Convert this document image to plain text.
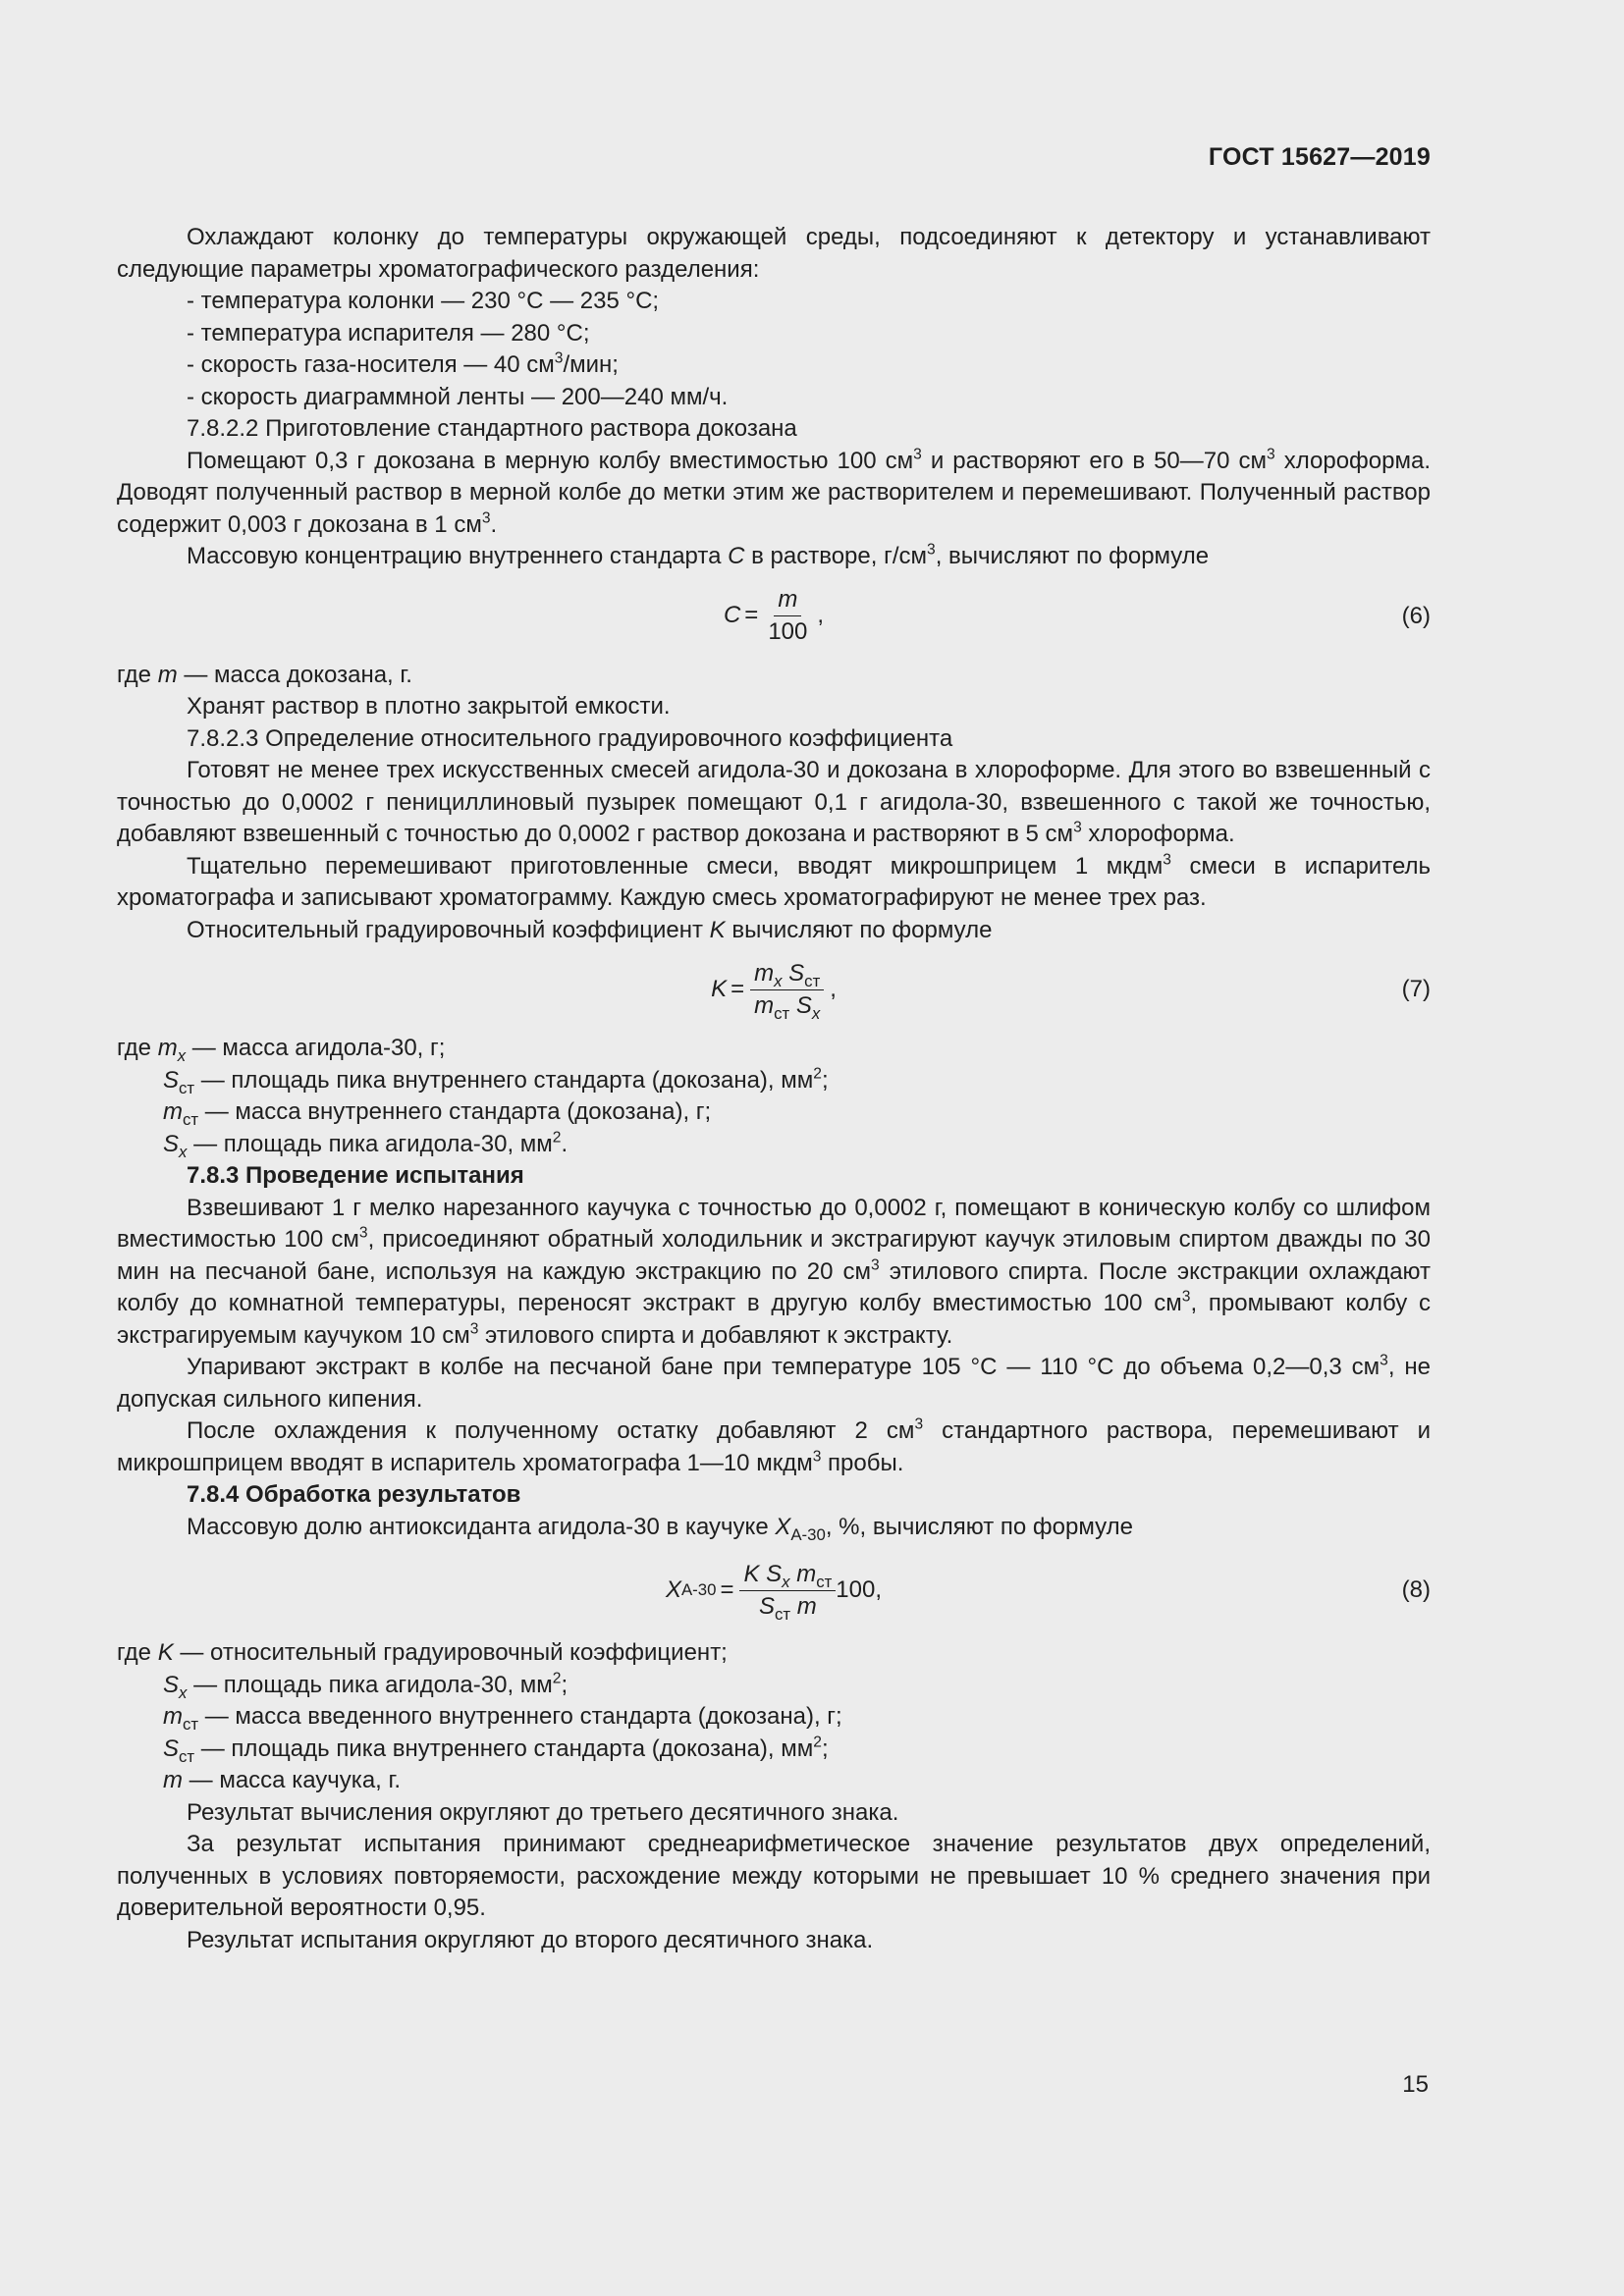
ГОСТ 15627—2019

Охлаждают колонку до температуры окружающей среды, подсоединяют к детектору и устанавливают следующие параметры хроматографического разделения:

- температура колонки — 230 °С — 235 °С;

- температура испарителя — 280 °С;

- скорость газа-носителя — 40 $см^3$/мин;

- скорость диаграммной ленты — 200—240 мм/ч.

7.8.2.2 Приготовление стандартного раствора докозана

Помещают 0,3 г докозана в мерную колбу вместимостью 100 $см^3$ и растворяют его в 50—70 $см^3$ хлороформа. Доводят полученный раствор в мерной колбе до метки этим же растворителем и перемешивают. Полученный раствор содержит 0,003 г докозана в 1 $см^3$.

Массовую концентрацию внутреннего стандарта C в растворе, $г/см^3$, вычисляют по формуле

$C = \frac{m}{100}$ ,	(6)

где m — масса докозана, г.

Хранят раствор в плотно закрытой емкости.

7.8.2.3 Определение относительного градуировочного коэффициента

Готовят не менее трех искусственных смесей агидола-30 и докозана в хлороформе. Для этого во взвешенный с точностью до 0,0002 г пенициллиновый пузырек помещают 0,1 г агидола-30, взвешенного с такой же точностью, добавляют взвешенный с точностью до 0,0002 г раствор докозана и растворяют в 5 $см^3$ хлороформа.

Тщательно перемешивают приготовленные смеси, вводят микрошприцем 1 мкдм$^3$ смеси в испаритель хроматографа и записывают хроматограмму. Каждую смесь хроматографируют не менее трех раз.

Относительный градуировочный коэффициент K вычисляют по формуле

$K = \frac{m_x S_{ст}}{m_{ст} S_x}$ ,	(7)

где $m_x$ — масса агидола-30, г;

$S_{ст}$ — площадь пика внутреннего стандарта (докозана), $мм^2$;

$m_{ст}$ — масса внутреннего стандарта (докозана), г;

$S_x$ — площадь пика агидола-30, $мм^2$.

7.8.3 Проведение испытания

Взвешивают 1 г мелко нарезанного каучука с точностью до 0,0002 г, помещают в коническую колбу со шлифом вместимостью 100 $см^3$, присоединяют обратный холодильник и экстрагируют каучук этиловым спиртом дважды по 30 мин на песчаной бане, используя на каждую экстракцию по 20 $см^3$ этилового спирта. После экстракции охлаждают колбу до комнатной температуры, переносят экстракт в другую колбу вместимостью 100 $см^3$, промывают колбу с экстрагируемым каучуком 10 $см^3$ этилового спирта и добавляют к экстракту.

Упаривают экстракт в колбе на песчаной бане при температуре 105 °С — 110 °С до объема 0,2—0,3 $см^3$, не допуская сильного кипения.

После охлаждения к полученному остатку добавляют 2 $см^3$ стандартного раствора, перемешивают и микрошприцем вводят в испаритель хроматографа 1—10 мкдм$^3$ пробы.

7.8.4 Обработка результатов

Массовую долю антиоксиданта агидола-30 в каучуке $X_{А-30}$, %, вычисляют по формуле

X $А-30 = \frac{K S_x m_{ст}}{S_{ст} m} 100$,	(8)

где K — относительный градуировочный коэффициент;

$S_x$ — площадь пика агидола-30, $мм^2$;

$m_{ст}$ — масса введенного внутреннего стандарта (докозана), г;

$S_{ст}$ — площадь пика внутреннего стандарта (докозана), $мм^2$;

m — масса каучука, г.

Результат вычисления округляют до третьего десятичного знака.

За результат испытания принимают среднеарифметическое значение результатов двух определений, полученных в условиях повторяемости, расхождение между которыми не превышает 10 % среднего значения при доверительной вероятности 0,95.

Результат испытания округляют до второго десятичного знака.

15
